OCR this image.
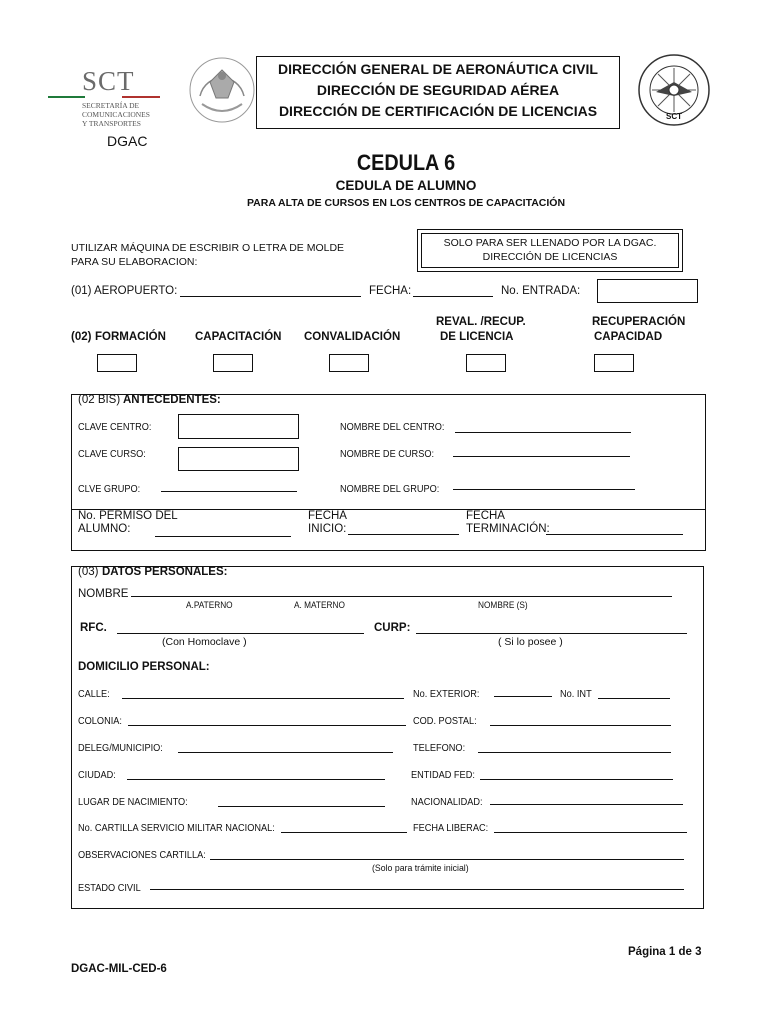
SCT
SECRETARÍA DE
COMUNICACIONES
Y TRANSPORTES
DGAC
DIRECCIÓN GENERAL DE AERONÁUTICA CIVIL
DIRECCIÓN DE SEGURIDAD AÉREA
DIRECCIÓN DE CERTIFICACIÓN DE LICENCIAS	SCT
CEDULA 6
CEDULA DE ALUMNO
PARA ALTA DE CURSOS EN LOS CENTROS DE CAPACITACIÓN
UTILIZAR MÁQUINA DE ESCRIBIR O LETRA DE MOLDE
PARA SU ELABORACION:
SOLO PARA SER LLENADO POR LA DGAC.
DIRECCIÓN DE LICENCIAS
(01) AEROPUERTO:	FECHA:	No. ENTRADA:
(02) FORMACIÓN	CAPACITACIÓN CONVALIDACIÓN
REVAL. /RECUP.
DE LICENCIA
RECUPERACIÓN
CAPACIDAD
(02 BIS) ANTECEDENTES:
CLAVE CENTRO:	NOMBRE DEL CENTRO:
CLAVE CURSO:	NOMBRE DE CURSO:
CLVE GRUPO:	NOMBRE DEL GRUPO:
No. PERMISO DEL
ALUMNO:
FECHA
INICIO:
FECHA
TERMINACIÓN:
(03) DATOS PERSONALES:
NOMBRE
A.PATERNO	A. MATERNO	NOMBRE (S)
RFC.
(Con Homoclave )
CURP:
( Si lo posee )
DOMICILIO PERSONAL:
CALLE:	No. EXTERIOR:	No. INT
COLONIA:	COD. POSTAL:
DELEG/MUNICIPIO:	TELEFONO:
CIUDAD:	ENTIDAD FED:
LUGAR DE NACIMIENTO:	NACIONALIDAD:
No. CARTILLA SERVICIO MILITAR NACIONAL:	FECHA LIBERAC:
OBSERVACIONES CARTILLA:
(Solo para trámite inicial)
ESTADO CIVIL
Página 1 de 3
DGAC-MIL-CED-6
